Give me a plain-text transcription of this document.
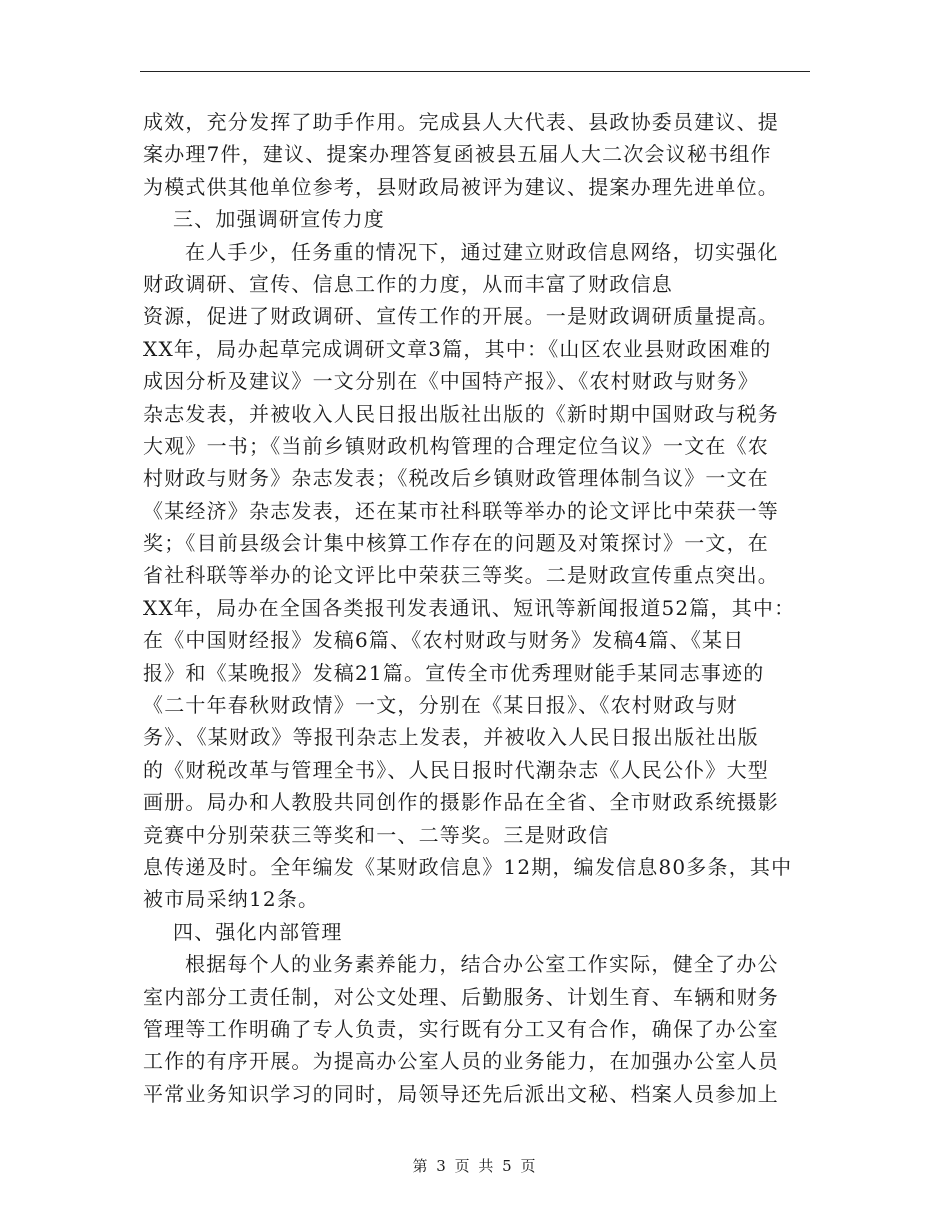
成效，充分发挥了助手作用。完成县人大代表、县政协委员建议、提
案办理7件，建议、提案办理答复函被县五届人大二次会议秘书组作
为模式供其他单位参考，县财政局被评为建议、提案办理先进单位。
三、加强调研宣传力度
在人手少，任务重的情况下，通过建立财政信息网络，切实强化
财政调研、宣传、信息工作的力度，从而丰富了财政信息
资源，促进了财政调研、宣传工作的开展。一是财政调研质量提高。
XX年，局办起草完成调研文章3篇，其中：《山区农业县财政困难的
成因分析及建议》一文分别在《中国特产报》、《农村财政与财务》
杂志发表，并被收入人民日报出版社出版的《新时期中国财政与税务
大观》一书；《当前乡镇财政机构管理的合理定位刍议》一文在《农
村财政与财务》杂志发表；《税改后乡镇财政管理体制刍议》一文在
《某经济》杂志发表，还在某市社科联等举办的论文评比中荣获一等
奖；《目前县级会计集中核算工作存在的问题及对策探讨》一文，在
省社科联等举办的论文评比中荣获三等奖。二是财政宣传重点突出。
XX年，局办在全国各类报刊发表通讯、短讯等新闻报道52篇，其中：
在《中国财经报》发稿6篇、《农村财政与财务》发稿4篇、《某日
报》和《某晚报》发稿21篇。宣传全市优秀理财能手某同志事迹的
《二十年春秋财政情》一文，分别在《某日报》、《农村财政与财
务》、《某财政》等报刊杂志上发表，并被收入人民日报出版社出版
的《财税改革与管理全书》、人民日报时代潮杂志《人民公仆》大型
画册。局办和人教股共同创作的摄影作品在全省、全市财政系统摄影
竞赛中分别荣获三等奖和一、二等奖。三是财政信
息传递及时。全年编发《某财政信息》12期，编发信息80多条，其中
被市局采纳12条。
四、强化内部管理
根据每个人的业务素养能力，结合办公室工作实际，健全了办公
室内部分工责任制，对公文处理、后勤服务、计划生育、车辆和财务
管理等工作明确了专人负责，实行既有分工又有合作，确保了办公室
工作的有序开展。为提高办公室人员的业务能力，在加强办公室人员
平常业务知识学习的同时，局领导还先后派出文秘、档案人员参加上
第 3 页 共 5 页
